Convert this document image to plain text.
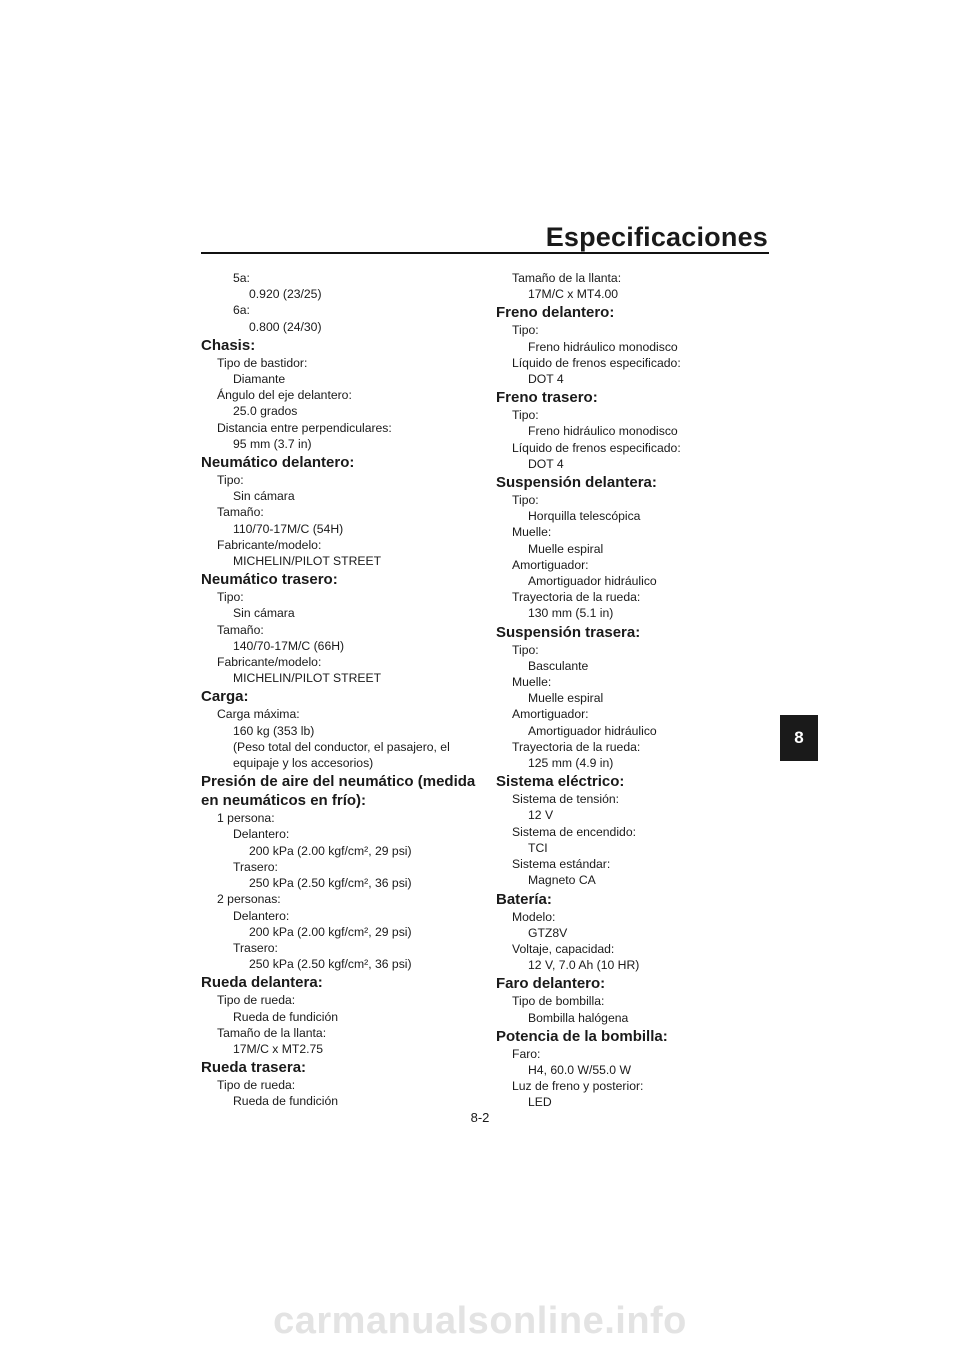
Especificaciones
5a:
0.920 (23/25)
6a:
0.800 (24/30)
Chasis:
Tipo de bastidor:
Diamante
Ángulo del eje delantero:
25.0 grados
Distancia entre perpendiculares:
95 mm (3.7 in)
Neumático delantero:
Tipo:
Sin cámara
Tamaño:
110/70-17M/C (54H)
Fabricante/modelo:
MICHELIN/PILOT STREET
Neumático trasero:
Tipo:
Sin cámara
Tamaño:
140/70-17M/C (66H)
Fabricante/modelo:
MICHELIN/PILOT STREET
Carga:
Carga máxima:
160 kg (353 lb)
(Peso total del conductor, el pasajero, el
equipaje y los accesorios)
Presión de aire del neumático (medida
en neumáticos en frío):
1 persona:
Delantero:
200 kPa (2.00 kgf/cm², 29 psi)
Trasero:
250 kPa (2.50 kgf/cm², 36 psi)
2 personas:
Delantero:
200 kPa (2.00 kgf/cm², 29 psi)
Trasero:
250 kPa (2.50 kgf/cm², 36 psi)
Rueda delantera:
Tipo de rueda:
Rueda de fundición
Tamaño de la llanta:
17M/C x MT2.75
Rueda trasera:
Tipo de rueda:
Rueda de fundición
Tamaño de la llanta:
17M/C x MT4.00
Freno delantero:
Tipo:
Freno hidráulico monodisco
Líquido de frenos especificado:
DOT 4
Freno trasero:
Tipo:
Freno hidráulico monodisco
Líquido de frenos especificado:
DOT 4
Suspensión delantera:
Tipo:
Horquilla telescópica
Muelle:
Muelle espiral
Amortiguador:
Amortiguador hidráulico
Trayectoria de la rueda:
130 mm (5.1 in)
Suspensión trasera:
Tipo:
Basculante
Muelle:
Muelle espiral
Amortiguador:
Amortiguador hidráulico
Trayectoria de la rueda:
125 mm (4.9 in)
Sistema eléctrico:
Sistema de tensión:
12 V
Sistema de encendido:
TCI
Sistema estándar:
Magneto CA
Batería:
Modelo:
GTZ8V
Voltaje, capacidad:
12 V, 7.0 Ah (10 HR)
Faro delantero:
Tipo de bombilla:
Bombilla halógena
Potencia de la bombilla:
Faro:
H4, 60.0 W/55.0 W
Luz de freno y posterior:
LED
8
8-2
carmanualsonline.info
